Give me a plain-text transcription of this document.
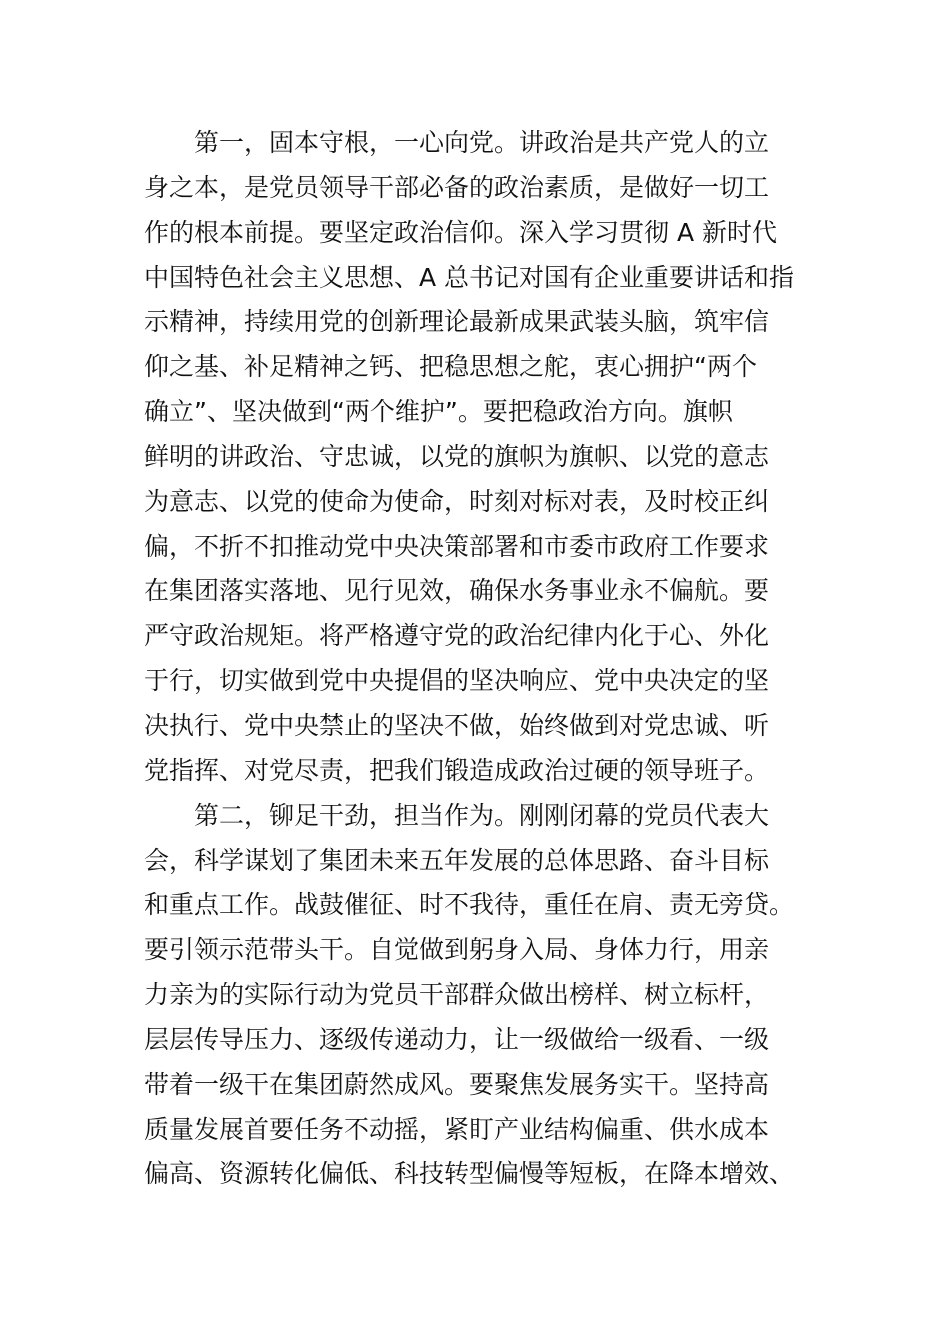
第一，固本守根，一心向党。讲政治是共产党人的立
身之本，是党员领导干部必备的政治素质，是做好一切工
作的根本前提。要坚定政治信仰。深入学习贯彻 A 新时代
中国特色社会主义思想、A 总书记对国有企业重要讲话和指
示精神，持续用党的创新理论最新成果武装头脑，筑牢信
仰之基、补足精神之钙、把稳思想之舵，衷心拥护“两个
确立”、坚决做到“两个维护”。要把稳政治方向。旗帜
鲜明的讲政治、守忠诚，以党的旗帜为旗帜、以党的意志
为意志、以党的使命为使命，时刻对标对表，及时校正纠
偏，不折不扣推动党中央决策部署和市委市政府工作要求
在集团落实落地、见行见效，确保水务事业永不偏航。要
严守政治规矩。将严格遵守党的政治纪律内化于心、外化
于行，切实做到党中央提倡的坚决响应、党中央决定的坚
决执行、党中央禁止的坚决不做，始终做到对党忠诚、听
党指挥、对党尽责，把我们锻造成政治过硬的领导班子。
第二，铆足干劲，担当作为。刚刚闭幕的党员代表大
会，科学谋划了集团未来五年发展的总体思路、奋斗目标
和重点工作。战鼓催征、时不我待，重任在肩、责无旁贷。
要引领示范带头干。自觉做到躬身入局、身体力行，用亲
力亲为的实际行动为党员干部群众做出榜样、树立标杆，
层层传导压力、逐级传递动力，让一级做给一级看、一级
带着一级干在集团蔚然成风。要聚焦发展务实干。坚持高
质量发展首要任务不动摇，紧盯产业结构偏重、供水成本
偏高、资源转化偏低、科技转型偏慢等短板，在降本增效、
